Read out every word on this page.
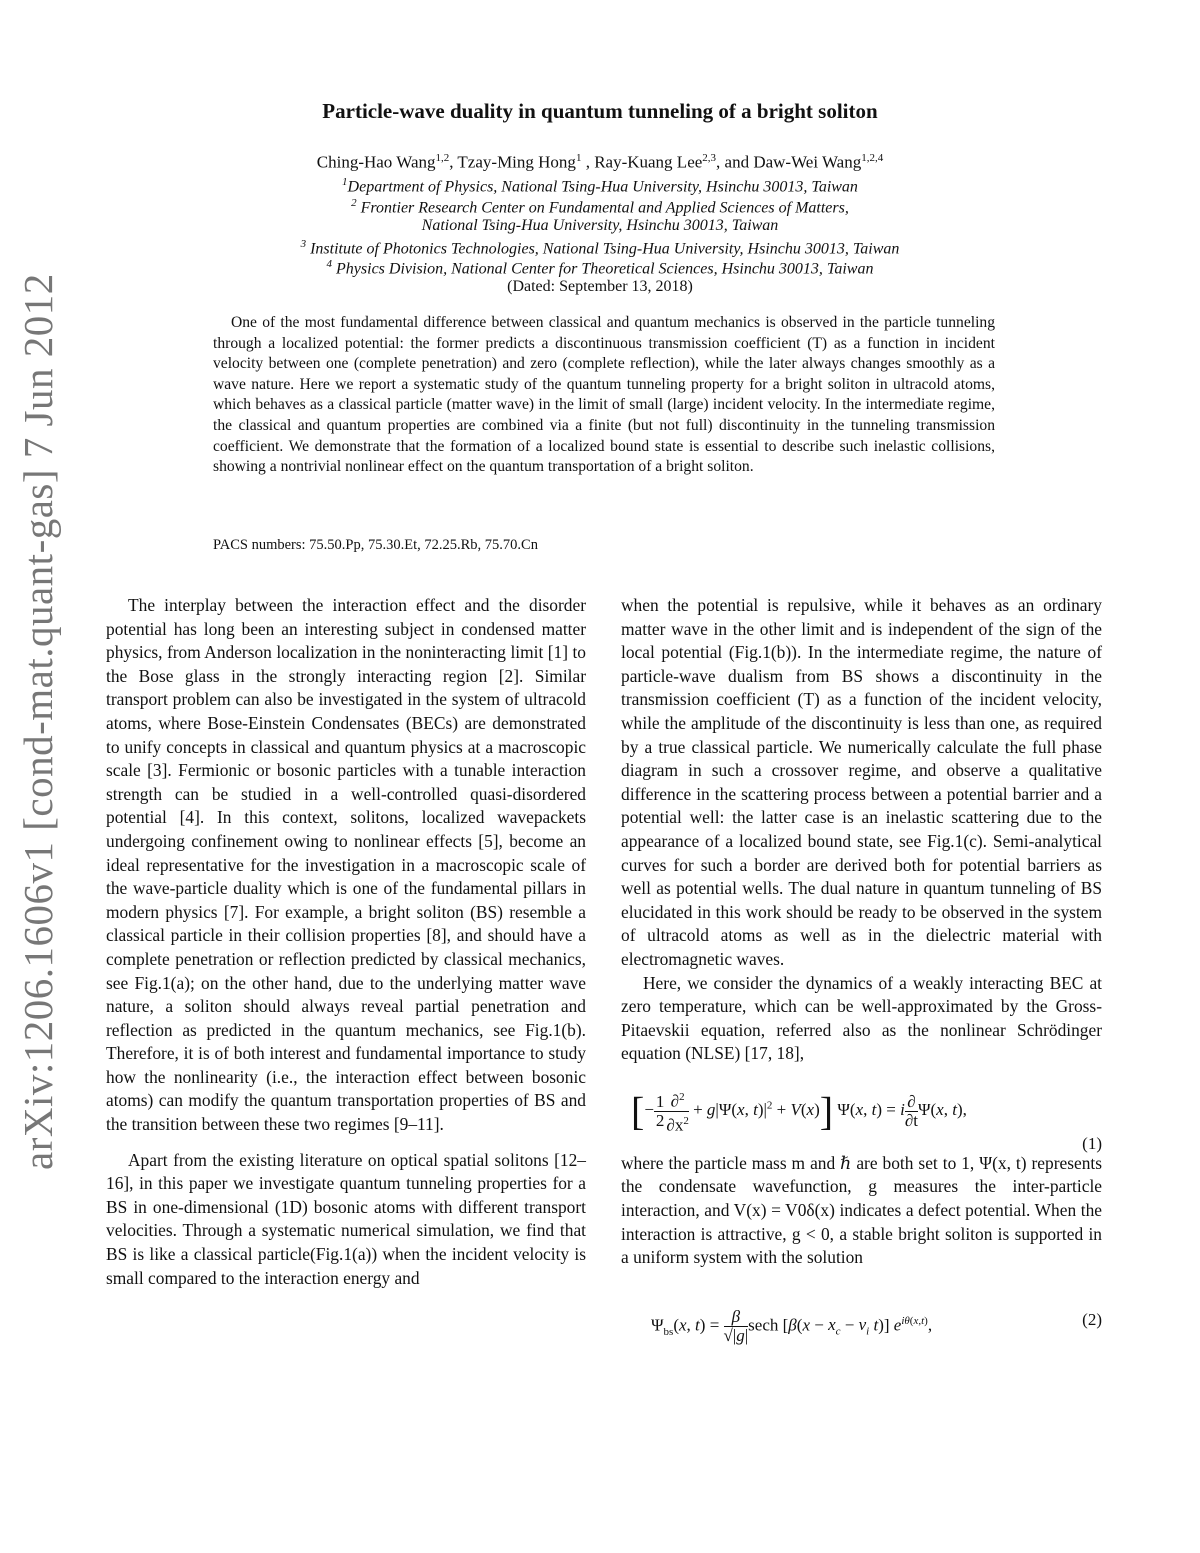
arXiv:1206.1606v1 [cond-mat.quant-gas] 7 Jun 2012
Particle-wave duality in quantum tunneling of a bright soliton
Ching-Hao Wang$^{1,2}$, Tzay-Ming Hong$^1$ , Ray-Kuang Lee$^{2,3}$, and Daw-Wei Wang$^{1,2,4}$
$^1$Department of Physics, National Tsing-Hua University, Hsinchu 30013, Taiwan
$^2$ Frontier Research Center on Fundamental and Applied Sciences of Matters,
National Tsing-Hua University, Hsinchu 30013, Taiwan
$^3$ Institute of Photonics Technologies, National Tsing-Hua University, Hsinchu 30013, Taiwan
$^4$ Physics Division, National Center for Theoretical Sciences, Hsinchu 30013, Taiwan
(Dated: September 13, 2018)
One of the most fundamental difference between classical and quantum mechanics is observed in the particle tunneling through a localized potential: the former predicts a discontinuous transmission coefficient (T) as a function in incident velocity between one (complete penetration) and zero (complete reflection), while the later always changes smoothly as a wave nature. Here we report a systematic study of the quantum tunneling property for a bright soliton in ultracold atoms, which behaves as a classical particle (matter wave) in the limit of small (large) incident velocity. In the intermediate regime, the classical and quantum properties are combined via a finite (but not full) discontinuity in the tunneling transmission coefficient. We demonstrate that the formation of a localized bound state is essential to describe such inelastic collisions, showing a nontrivial nonlinear effect on the quantum transportation of a bright soliton.
PACS numbers: 75.50.Pp, 75.30.Et, 72.25.Rb, 75.70.Cn

The interplay between the interaction effect and the disorder potential has long been an interesting subject in condensed matter physics, from Anderson localization in the noninteracting limit [1] to the Bose glass in the strongly interacting region [2]. Similar transport problem can also be investigated in the system of ultracold atoms, where Bose-Einstein Condensates (BECs) are demonstrated to unify concepts in classical and quantum physics at a macroscopic scale [3]. Fermionic or bosonic particles with a tunable interaction strength can be studied in a well-controlled quasi-disordered potential [4]. In this context, solitons, localized wavepackets undergoing confinement owing to nonlinear effects [5], become an ideal representative for the investigation in a macroscopic scale of the wave-particle duality which is one of the fundamental pillars in modern physics [7]. For example, a bright soliton (BS) resemble a classical particle in their collision properties [8], and should have a complete penetration or reflection predicted by classical mechanics, see Fig.1(a); on the other hand, due to the underlying matter wave nature, a soliton should always reveal partial penetration and reflection as predicted in the quantum mechanics, see Fig.1(b). Therefore, it is of both interest and fundamental importance to study how the nonlinearity (i.e., the interaction effect between bosonic atoms) can modify the quantum transportation properties of BS and the transition between these two regimes [9–11].

Apart from the existing literature on optical spatial solitons [12–16], in this paper we investigate quantum tunneling properties for a BS in one-dimensional (1D) bosonic atoms with different transport velocities. Through a systematic numerical simulation, we find that BS is like a classical particle(Fig.1(a)) when the incident velocity is small compared to the interaction energy and

when the potential is repulsive, while it behaves as an ordinary matter wave in the other limit and is independent of the sign of the local potential (Fig.1(b)). In the intermediate regime, the nature of particle-wave dualism from BS shows a discontinuity in the transmission coefficient (T) as a function of the incident velocity, while the amplitude of the discontinuity is less than one, as required by a true classical particle. We numerically calculate the full phase diagram in such a crossover regime, and observe a qualitative difference in the scattering process between a potential barrier and a potential well: the latter case is an inelastic scattering due to the appearance of a localized bound state, see Fig.1(c). Semi-analytical curves for such a border are derived both for potential barriers as well as potential wells. The dual nature in quantum tunneling of BS elucidated in this work should be ready to be observed in the system of ultracold atoms as well as in the dielectric material with electromagnetic waves.

Here, we consider the dynamics of a weakly interacting BEC at zero temperature, which can be well-approximated by the Gross-Pitaevskii equation, referred also as the nonlinear Schrödinger equation (NLSE) [17, 18],

[− $\frac{1}{2} \frac{\partial^2}{\partial x^2} + g|\Psi(x$, $t)|^2 + V(x)$] Ψ(x, t) = i $\frac{\partial}{\partial t} \Psi(x$, t),
(1)

where the particle mass m and ℏ are both set to 1, Ψ(x, t) represents the condensate wavefunction, g measures the inter-particle interaction, and V(x) = V0δ(x) indicates a defect potential. When the interaction is attractive, g < 0, a stable bright soliton is supported in a uniform system with the solution

$\Psi_{bs}(x$, $t) = \frac{\beta}{√|g|}$ sech [$\beta(x - x_c - v_i$ t)] $e^{i\theta(x,t)}$,	(2)
